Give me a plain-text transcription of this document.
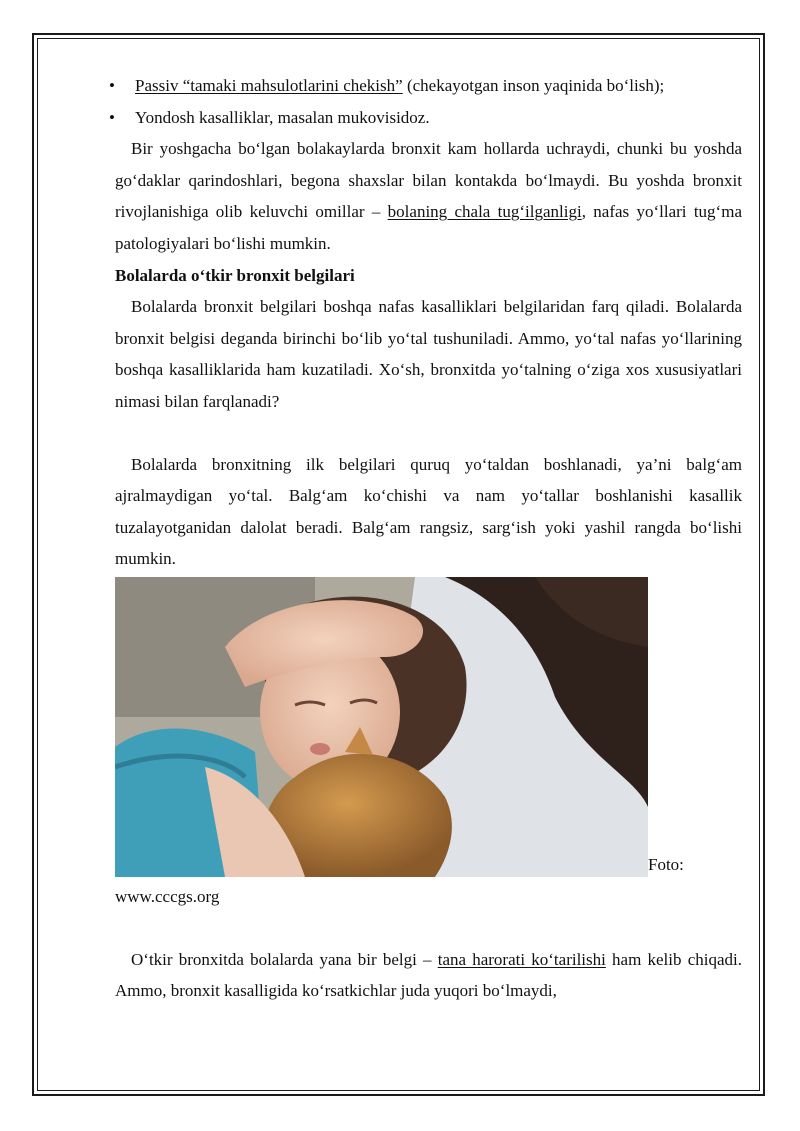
• Passiv “tamaki mahsulotlarini chekish” (chekayotgan inson yaqinida bo‘lish);
• Yondosh kasalliklar, masalan mukovisidoz.

Bir yoshgacha bo‘lgan bolakaylarda bronxit kam hollarda uchraydi, chunki bu yoshda go‘daklar qarindoshlari, begona shaxslar bilan kontakda bo‘lmaydi. Bu yoshda bronxit rivojlanishiga olib keluvchi omillar – bolaning chala tug‘ilganligi, nafas yo‘llari tug‘ma patologiyalari bo‘lishi mumkin.

Bolalarda o‘tkir bronxit belgilari

Bolalarda bronxit belgilari boshqa nafas kasalliklari belgilaridan farq qiladi. Bolalarda bronxit belgisi deganda birinchi bo‘lib yo‘tal tushuniladi. Ammo, yo‘tal nafas yo‘llarining boshqa kasalliklarida ham kuzatiladi. Xo‘sh, bronxitda yo‘talning o‘ziga xos xususiyatlari nimasi bilan farqlanadi?

Bolalarda bronxitning ilk belgilari quruq yo‘taldan boshlanadi, ya’ni balg‘am ajralmaydigan yo‘tal. Balg‘am ko‘chishi va nam yo‘tallar boshlanishi kasallik tuzalayotganidan dalolat beradi. Balg‘am rangsiz, sarg‘ish yoki yashil rangda bo‘lishi mumkin.

Foto:
www.cccgs.org

O‘tkir bronxitda bolalarda yana bir belgi – tana harorati ko‘tarilishi ham kelib chiqadi. Ammo, bronxit kasalligida ko‘rsatkichlar juda yuqori bo‘lmaydi,
